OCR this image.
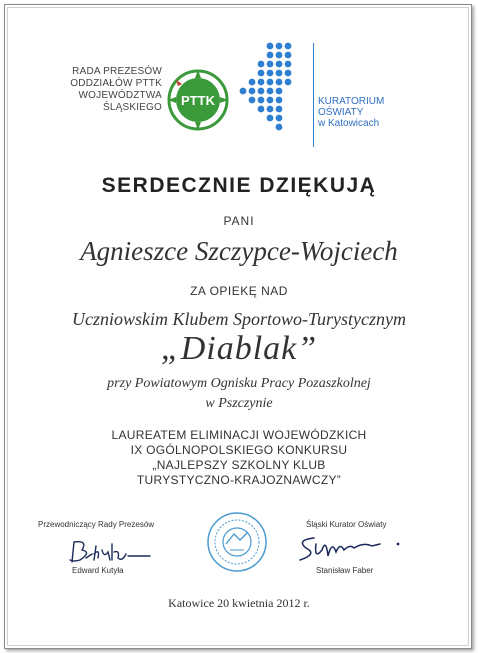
RADA PREZESÓW
ODDZIAŁÓW PTTK
WOJEWÓDZTWA
ŚLĄSKIEGO PTTK	KURATORIUM
OŚWIATY
w Katowicach
SERDECZNIE DZIĘKUJĄ
PANI
Agnieszce Szczypce-Wojciech
ZA OPIEKĘ NAD
Uczniowskim Klubem Sportowo-Turystycznym
„Diablak”
przy Powiatowym Ognisku Pracy Pozaszkolnej
w Pszczynie
LAUREATEM ELIMINACJI WOJEWÓDZKICH
IX OGÓLNOPOLSKIEGO KONKURSU
„NAJLEPSZY SZKOLNY KLUB
TURYSTYCZNO-KRAJOZNAWCZY”
Przewodniczący Rady Prezesów	Śląski Kurator Oświaty
Edward Kutyła	Stanisław Faber
Katowice 20 kwietnia 2012 r.
